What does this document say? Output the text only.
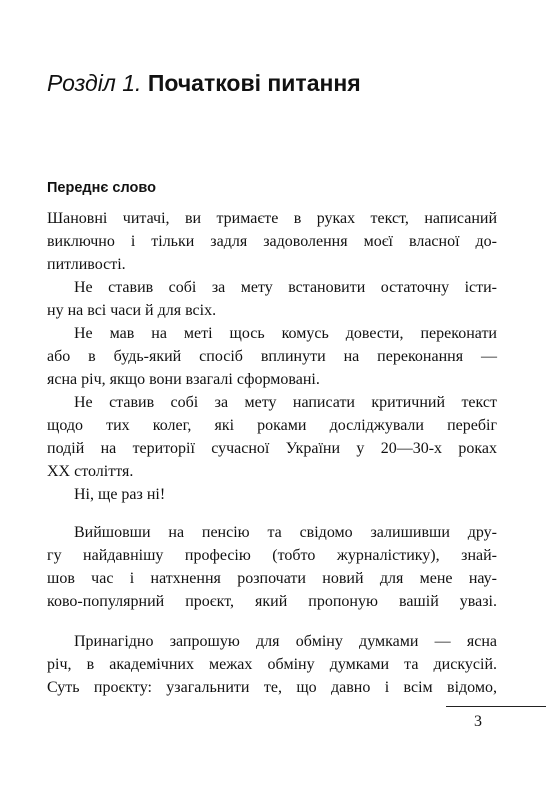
Розділ 1. Початкові питання
Переднє слово
Шановні читачі, ви тримаєте в руках текст, написаний
виключно і тільки задля задоволення моєї власної до-
питливості.
Не ставив собі за мету встановити остаточну істи-
ну на всі часи й для всіх.
Не мав на меті щось комусь довести, переконати
або в будь-який спосіб вплинути на переконання —
ясна річ, якщо вони взагалі сформовані.
Не ставив собі за мету написати критичний текст
щодо тих колег, які роками досліджували перебіг
подій на території сучасної України у 20—30-х роках
XX століття.
Ні, ще раз ні!
Вийшовши на пенсію та свідомо залишивши дру-
гу найдавнішу професію (тобто журналістику), знай-
шов час і натхнення розпочати новий для мене нау-
ково-популярний проєкт, який пропоную вашій увазі.
Принагідно запрошую для обміну думками — ясна
річ, в академічних межах обміну думками та дискусій.
Суть проєкту: узагальнити те, що давно і всім відомо,
3
